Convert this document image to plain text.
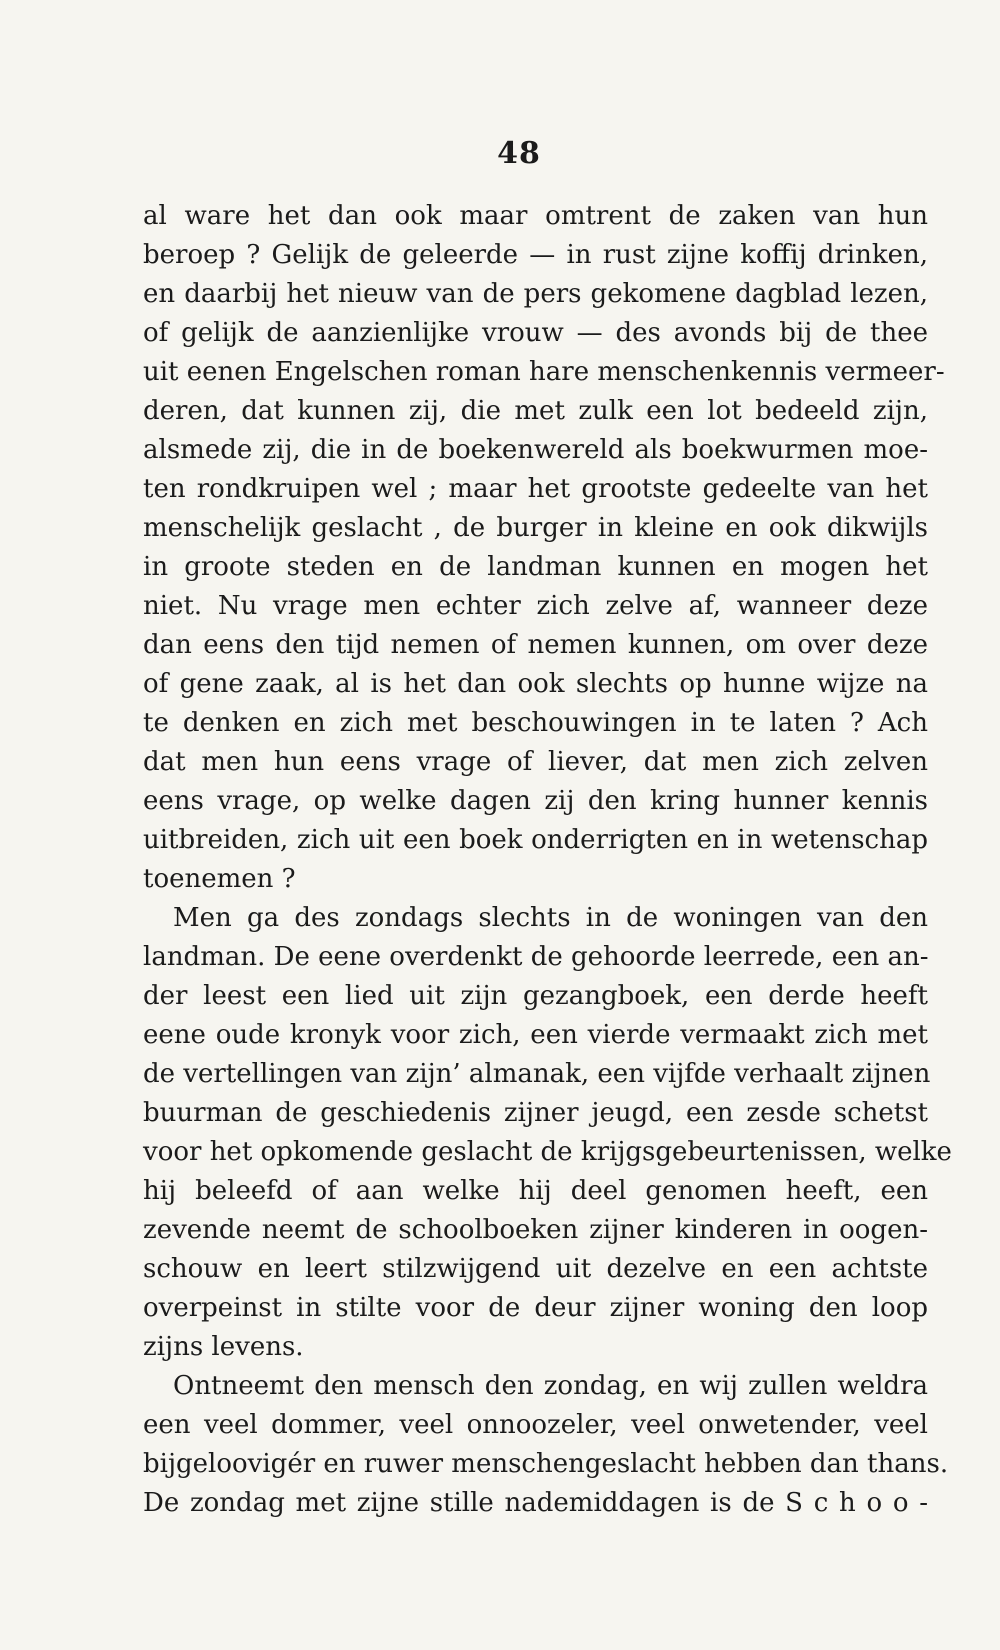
48
al ware het dan ook maar omtrent de zaken van hun
beroep ? Gelijk de geleerde — in rust zijne koffij drinken,
en daarbij het nieuw van de pers gekomene dagblad lezen,
of gelijk de aanzienlijke vrouw — des avonds bij de thee
uit eenen Engelschen roman hare menschenkennis vermeer-
deren, dat kunnen zij, die met zulk een lot bedeeld zijn,
alsmede zij, die in de boekenwereld als boekwurmen moe-
ten rondkruipen wel ; maar het grootste gedeelte van het
menschelijk geslacht , de burger in kleine en ook dikwijls
in groote steden en de landman kunnen en mogen het
niet. Nu vrage men echter zich zelve af, wanneer deze
dan eens den tijd nemen of nemen kunnen, om over deze
of gene zaak, al is het dan ook slechts op hunne wijze na
te denken en zich met beschouwingen in te laten ? Ach
dat men hun eens vrage of liever, dat men zich zelven
eens vrage, op welke dagen zij den kring hunner kennis
uitbreiden, zich uit een boek onderrigten en in wetenschap
toenemen ?
Men ga des zondags slechts in de woningen van den
landman. De eene overdenkt de gehoorde leerrede, een an-
der leest een lied uit zijn gezangboek, een derde heeft
eene oude kronyk voor zich, een vierde vermaakt zich met
de vertellingen van zijn’ almanak, een vijfde verhaalt zijnen
buurman de geschiedenis zijner jeugd, een zesde schetst
voor het opkomende geslacht de krijgsgebeurtenissen, welke
hij beleefd of aan welke hij deel genomen heeft, een
zevende neemt de schoolboeken zijner kinderen in oogen-
schouw en leert stilzwijgend uit dezelve en een achtste
overpeinst in stilte voor de deur zijner woning den loop
zijns levens.
Ontneemt den mensch den zondag, en wij zullen weldra
een veel dommer, veel onnoozeler, veel onwetender, veel
bijgeloovigér en ruwer menschengeslacht hebben dan thans.
De zondag met zijne stille nademiddagen is de S c h o o -
